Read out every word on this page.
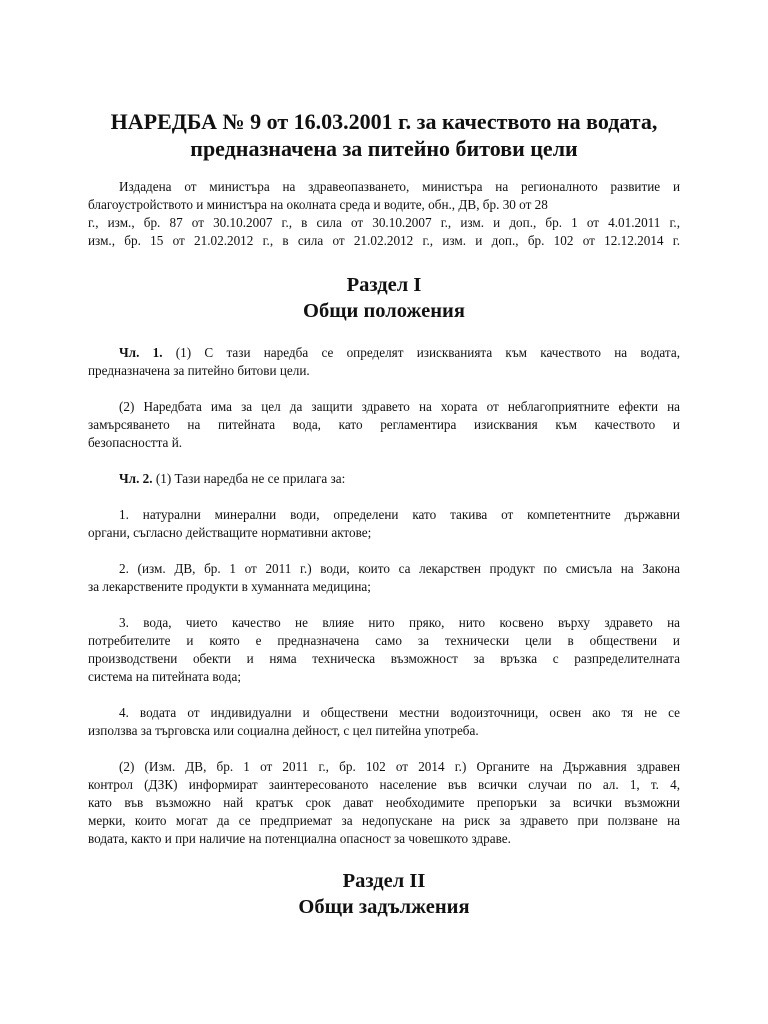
НАРЕДБА № 9 от 16.03.2001 г. за качеството на водата,
предназначена за питейно битови цели
Издадена от министъра на здравеопазването, министъра на регионалното развитие и
благоустройството и министъра на околната среда и водите, обн., ДВ, бр. 30 от 28
г., изм., бр. 87 от 30.10.2007 г., в сила от 30.10.2007 г., изм. и доп., бр. 1 от 4.01.2011 г.,
изм., бр. 15 от 21.02.2012 г., в сила от 21.02.2012 г., изм. и доп., бр. 102 от 12.12.2014 г.
Раздел I
Общи положения
Чл. 1. (1) С тази наредба се определят изискванията към качеството на водата,
предназначена за питейно битови цели.
(2) Наредбата има за цел да защити здравето на хората от неблагоприятните ефекти на
замърсяването на питейната вода, като регламентира изисквания към качеството и
безопасността й.
Чл. 2. (1) Тази наредба не се прилага за:
1. натурални минерални води, определени като такива от компетентните държавни
органи, съгласно действащите нормативни актове;
2. (изм. ДВ, бр. 1 от 2011 г.) води, които са лекарствен продукт по смисъла на Закона
за лекарствените продукти в хуманната медицина;
3. вода, чието качество не влияе нито пряко, нито косвено върху здравето на
потребителите и която е предназначена само за технически цели в обществени и
производствени обекти и няма техническа възможност за връзка с разпределителната
система на питейната вода;
4. водата от индивидуални и обществени местни водоизточници, освен ако тя не се
използва за търговска или социална дейност, с цел питейна употреба.
(2) (Изм. ДВ, бр. 1 от 2011 г., бр. 102 от 2014 г.) Органите на Държавния здравен
контрол (ДЗК) информират заинтересованото население във всички случаи по ал. 1, т. 4,
като във възможно най кратък срок дават необходимите препоръки за всички възможни
мерки, които могат да се предприемат за недопускане на риск за здравето при ползване на
водата, както и при наличие на потенциална опасност за човешкото здраве.
Раздел II
Общи задължения
